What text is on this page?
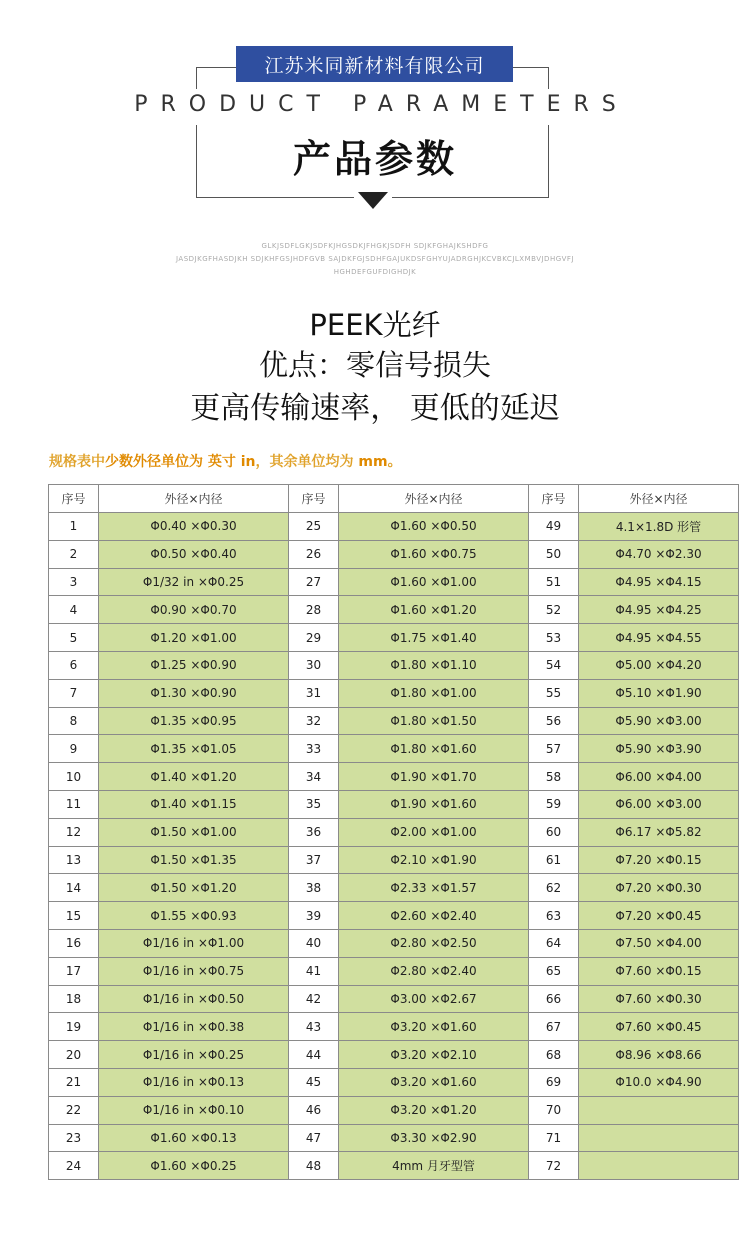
江苏米同新材料有限公司
PRODUCT PARAMETERS
产品参数
GLKJSDFLGKJSDFKJHGSDKJFHGKJSDFH SDJKFGHAJKSHDFG
JASDJKGFHASDJKH SDJKHFGSJHDFGVB SAJDKFGJSDHFGAJUKDSFGHYUJADRGHJKCVBKCJLXMBVJDHGVFJ
HGHDEFGUFDIGHDJK
PEEK光纤
优点：零信号损失
更高传输速率， 更低的延迟
规格表中少数外径单位为 英寸 in，其余单位均为 mm。
序号	外径×内径	序号	外径×内径	序号	外径×内径
1	Φ0.40 ×Φ0.30	25	Φ1.60 ×Φ0.50	49	4.1×1.8D 形管
2	Φ0.50 ×Φ0.40	26	Φ1.60 ×Φ0.75	50	Φ4.70 ×Φ2.30
3	Φ1/32 in ×Φ0.25	27	Φ1.60 ×Φ1.00	51	Φ4.95 ×Φ4.15
4	Φ0.90 ×Φ0.70	28	Φ1.60 ×Φ1.20	52	Φ4.95 ×Φ4.25
5	Φ1.20 ×Φ1.00	29	Φ1.75 ×Φ1.40	53	Φ4.95 ×Φ4.55
6	Φ1.25 ×Φ0.90	30	Φ1.80 ×Φ1.10	54	Φ5.00 ×Φ4.20
7	Φ1.30 ×Φ0.90	31	Φ1.80 ×Φ1.00	55	Φ5.10 ×Φ1.90
8	Φ1.35 ×Φ0.95	32	Φ1.80 ×Φ1.50	56	Φ5.90 ×Φ3.00
9	Φ1.35 ×Φ1.05	33	Φ1.80 ×Φ1.60	57	Φ5.90 ×Φ3.90
10	Φ1.40 ×Φ1.20	34	Φ1.90 ×Φ1.70	58	Φ6.00 ×Φ4.00
11	Φ1.40 ×Φ1.15	35	Φ1.90 ×Φ1.60	59	Φ6.00 ×Φ3.00
12	Φ1.50 ×Φ1.00	36	Φ2.00 ×Φ1.00	60	Φ6.17 ×Φ5.82
13	Φ1.50 ×Φ1.35	37	Φ2.10 ×Φ1.90	61	Φ7.20 ×Φ0.15
14	Φ1.50 ×Φ1.20	38	Φ2.33 ×Φ1.57	62	Φ7.20 ×Φ0.30
15	Φ1.55 ×Φ0.93	39	Φ2.60 ×Φ2.40	63	Φ7.20 ×Φ0.45
16	Φ1/16 in ×Φ1.00	40	Φ2.80 ×Φ2.50	64	Φ7.50 ×Φ4.00
17	Φ1/16 in ×Φ0.75	41	Φ2.80 ×Φ2.40	65	Φ7.60 ×Φ0.15
18	Φ1/16 in ×Φ0.50	42	Φ3.00 ×Φ2.67	66	Φ7.60 ×Φ0.30
19	Φ1/16 in ×Φ0.38	43	Φ3.20 ×Φ1.60	67	Φ7.60 ×Φ0.45
20	Φ1/16 in ×Φ0.25	44	Φ3.20 ×Φ2.10	68	Φ8.96 ×Φ8.66
21	Φ1/16 in ×Φ0.13	45	Φ3.20 ×Φ1.60	69	Φ10.0 ×Φ4.90
22	Φ1/16 in ×Φ0.10	46	Φ3.20 ×Φ1.20	70	
23	Φ1.60 ×Φ0.13	47	Φ3.30 ×Φ2.90	71	
24	Φ1.60 ×Φ0.25	48	4mm 月牙型管	72	
